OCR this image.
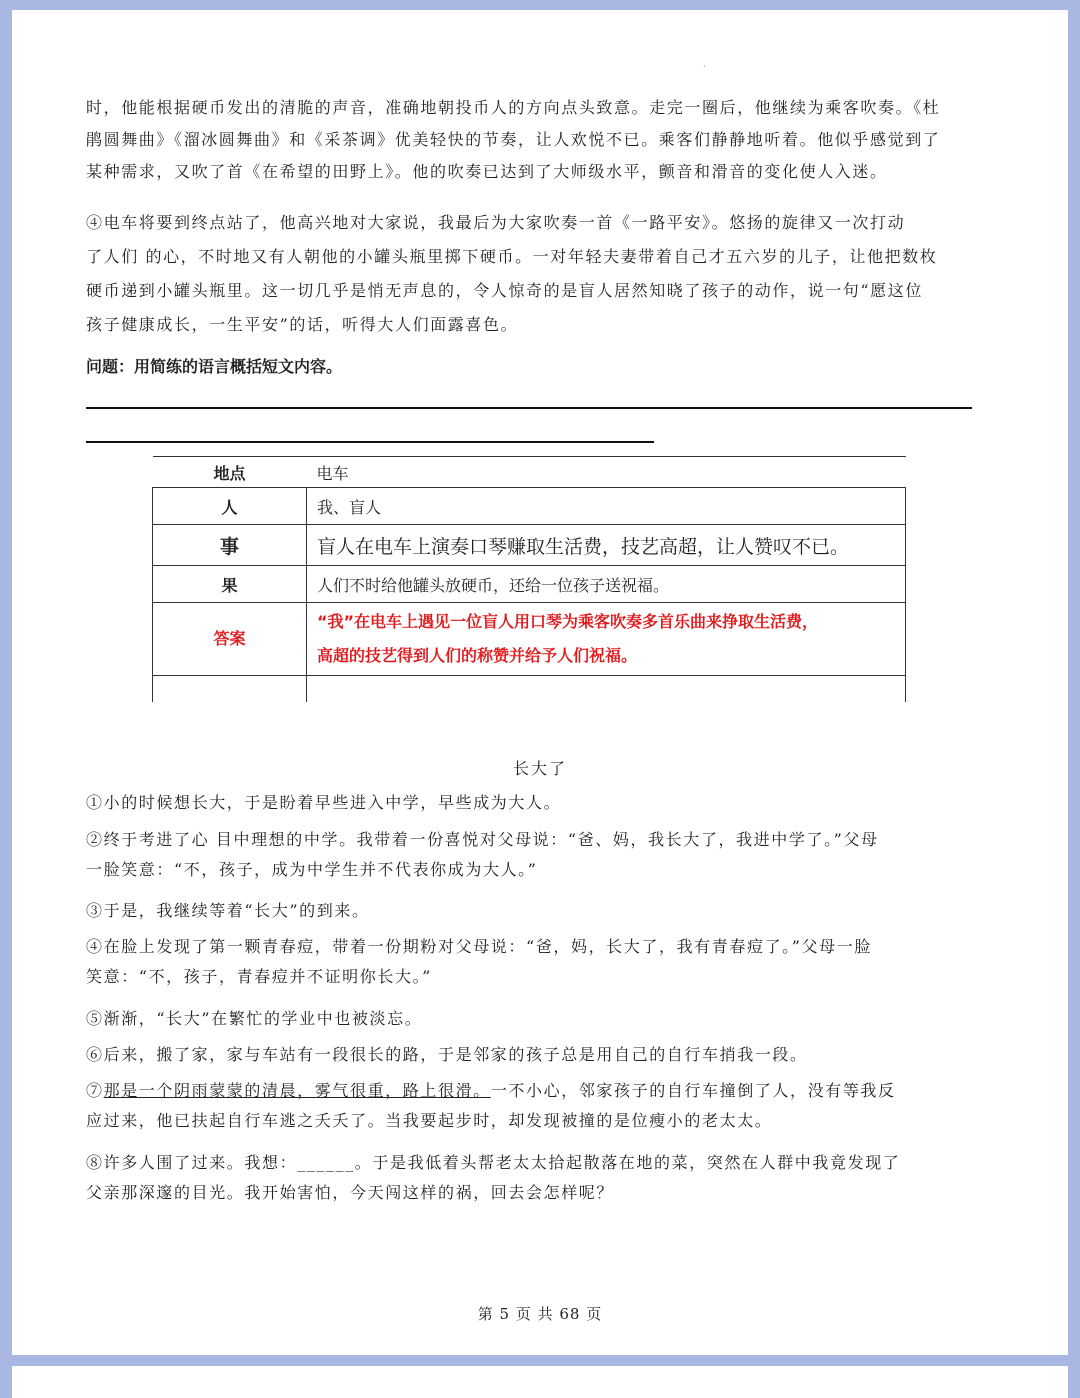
·

时，他能根据硬币发出的清脆的声音，准确地朝投币人的方向点头致意。走完一圈后，他继续为乘客吹奏。《杜
鹃圆舞曲》《溜冰圆舞曲》和《采茶调》优美轻快的节奏，让人欢悦不已。乘客们静静地听着。他似乎感觉到了
某种需求，又吹了首《在希望的田野上》。他的吹奏已达到了大师级水平，颤音和滑音的变化使人入迷。

④电车将要到终点站了，他高兴地对大家说，我最后为大家吹奏一首《一路平安》。悠扬的旋律又一次打动
了人们 的心，不时地又有人朝他的小罐头瓶里掷下硬币。一对年轻夫妻带着自己才五六岁的儿子，让他把数枚
硬币递到小罐头瓶里。这一切几乎是悄无声息的，令人惊奇的是盲人居然知晓了孩子的动作，说一句“愿这位
孩子健康成长，一生平安”的话，听得大人们面露喜色。

问题：用简练的语言概括短文内容。

地点	电车
人	我、盲人
事	盲人在电车上演奏口琴赚取生活费，技艺高超，让人赞叹不已。
果	人们不时给他罐头放硬币，还给一位孩子送祝福。
答案	“我”在电车上遇见一位盲人用口琴为乘客吹奏多首乐曲来挣取生活费，
高超的技艺得到人们的称赞并给予人们祝福。

长大了

①小的时候想长大，于是盼着早些进入中学，早些成为大人。

②终于考进了心 目中理想的中学。我带着一份喜悦对父母说：“爸、妈，我长大了，我进中学了。”父母
一脸笑意：“不，孩子，成为中学生并不代表你成为大人。”

③于是，我继续等着“长大”的到来。

④在脸上发现了第一颗青春痘，带着一份期粉对父母说：“爸，妈，长大了，我有青春痘了。”父母一脸
笑意：“不，孩子，青春痘并不证明你长大。”

⑤渐渐，“长大”在繁忙的学业中也被淡忘。

⑥后来，搬了家，家与车站有一段很长的路，于是邻家的孩子总是用自己的自行车捎我一段。

⑦那是一个阴雨蒙蒙的清晨，雾气很重，路上很滑。一不小心，邻家孩子的自行车撞倒了人，没有等我反
应过来，他已扶起自行车逃之夭夭了。当我要起步时，却发现被撞的是位瘦小的老太太。

⑧许多人围了过来。我想：______。于是我低着头帮老太太拾起散落在地的菜，突然在人群中我竟发现了
父亲那深邃的目光。我开始害怕，今天闯这样的祸，回去会怎样呢？

第 5 页 共 68 页
